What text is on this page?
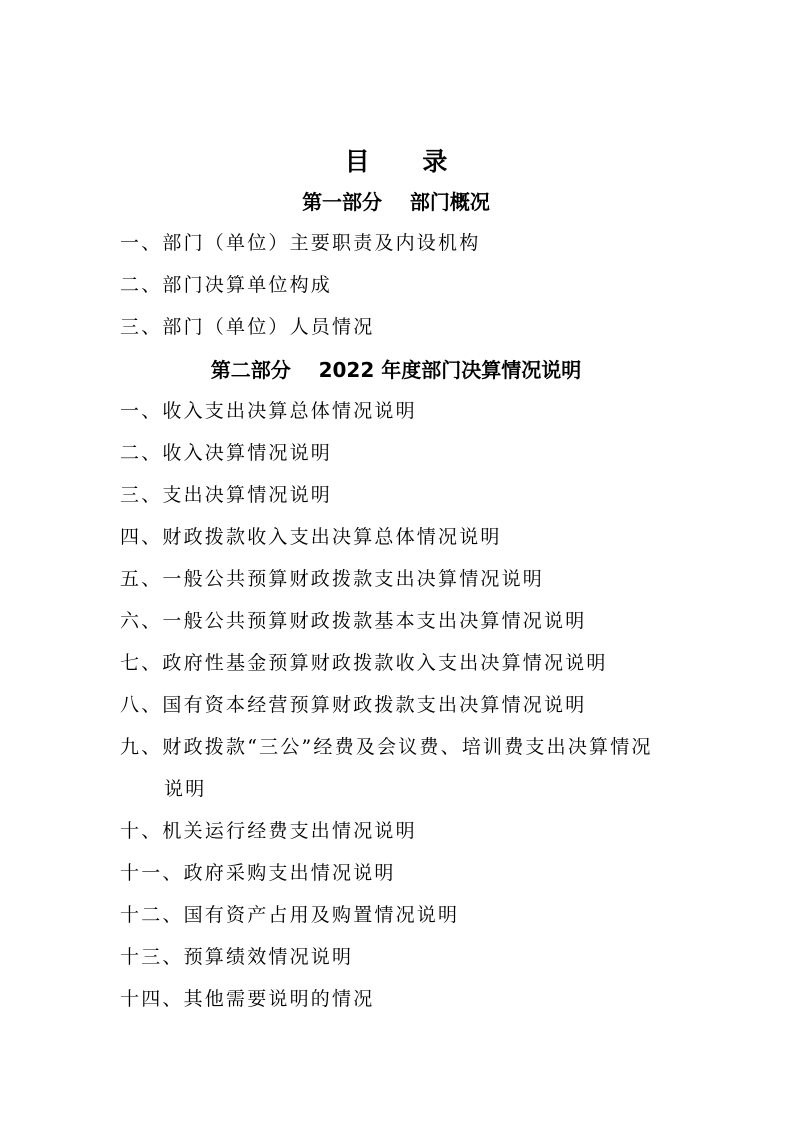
目 录
第一部分    部门概况
一、部门（单位）主要职责及内设机构
二、部门决算单位构成
三、部门（单位）人员情况
第二部分    2022 年度部门决算情况说明
一、收入支出决算总体情况说明
二、收入决算情况说明
三、支出决算情况说明
四、财政拨款收入支出决算总体情况说明
五、一般公共预算财政拨款支出决算情况说明
六、一般公共预算财政拨款基本支出决算情况说明
七、政府性基金预算财政拨款收入支出决算情况说明
八、国有资本经营预算财政拨款支出决算情况说明
九、财政拨款“三公”经费及会议费、培训费支出决算情况
说明
十、机关运行经费支出情况说明
十一、政府采购支出情况说明
十二、国有资产占用及购置情况说明
十三、预算绩效情况说明
十四、其他需要说明的情况
